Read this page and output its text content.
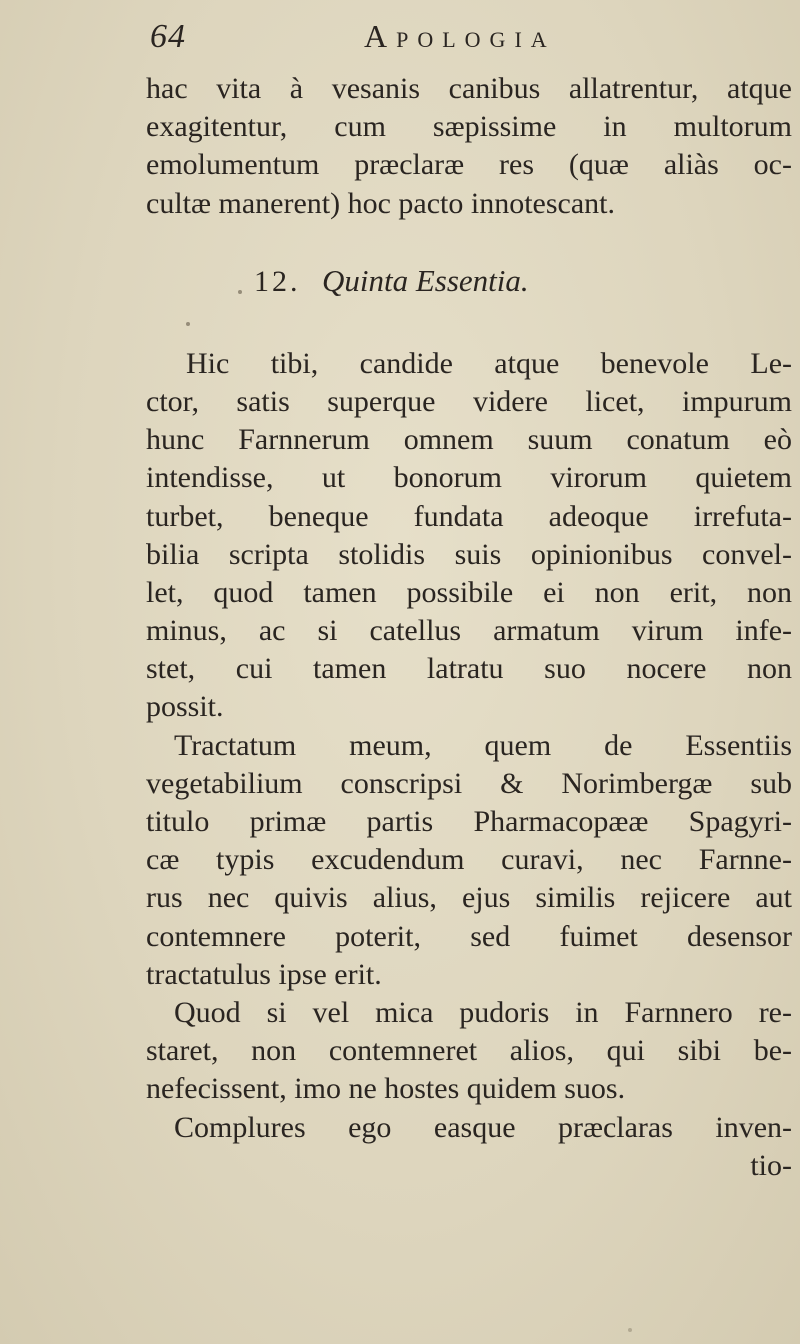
64	Apologia
hac vita à vesanis canibus allatrentur, atque
exagitentur, cum sæpissime in multorum
emolumentum præclaræ res (quæ aliàs oc-
cultæ manerent) hoc pacto innotescant.
12. Quinta Essentia.
Hic tibi, candide atque benevole Le-
ctor, satis superque videre licet, impurum
hunc Farnnerum omnem suum conatum eò
intendisse, ut bonorum virorum quietem
turbet, beneque fundata adeoque irrefuta-
bilia scripta stolidis suis opinionibus convel-
let, quod tamen possibile ei non erit, non
minus, ac si catellus armatum virum infe-
stet, cui tamen latratu suo nocere non
possit.
Tractatum meum, quem de Essentiis
vegetabilium conscripsi & Norimbergæ sub
titulo primæ partis Pharmacopææ Spagyri-
cæ typis excudendum curavi, nec Farnne-
rus nec quivis alius, ejus similis rejicere aut
contemnere poterit, sed fuimet desensor
tractatulus ipse erit.
Quod si vel mica pudoris in Farnnero re-
staret, non contemneret alios, qui sibi be-
nefecissent, imo ne hostes quidem suos.
Complures ego easque præclaras inven-
tio-
